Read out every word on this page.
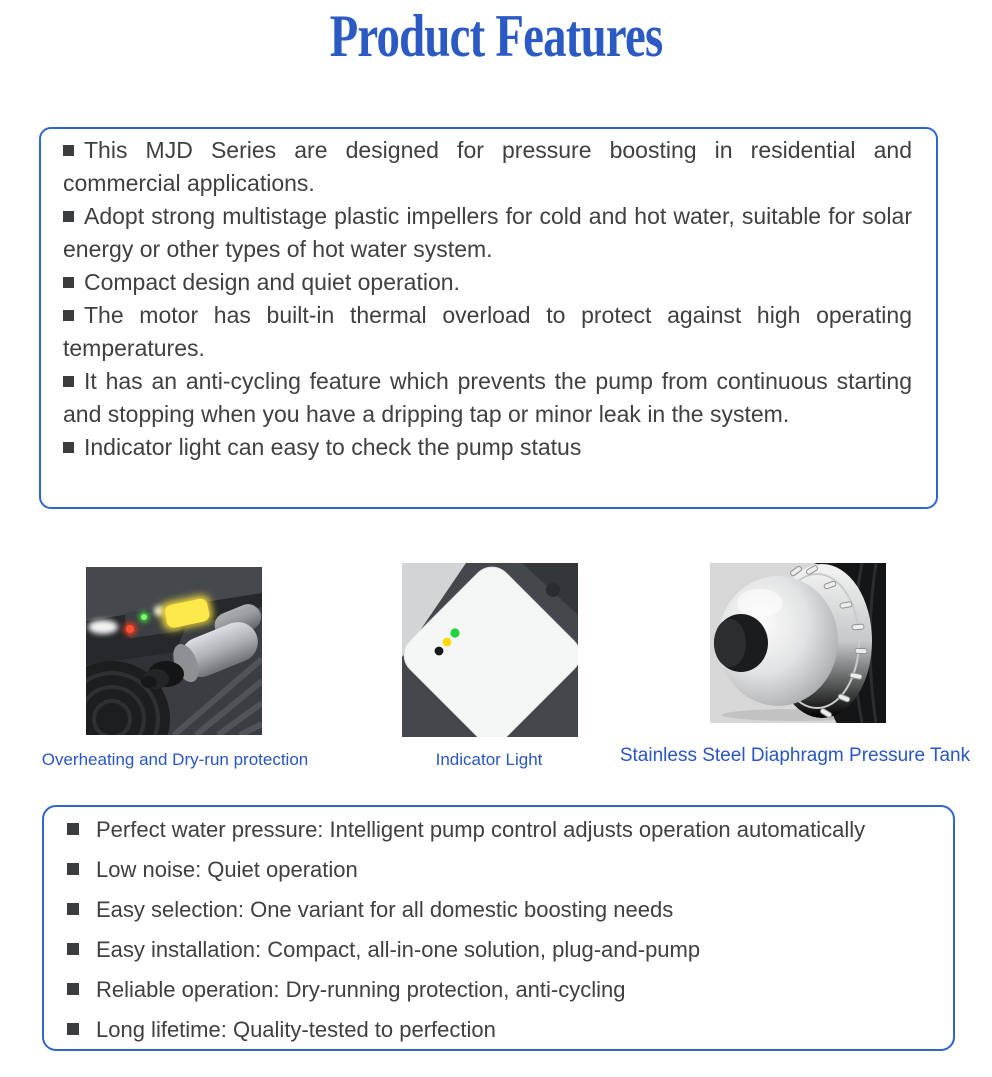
Product Features

This MJD Series are designed for pressure boosting in residential and commercial applications.

Adopt strong multistage plastic impellers for cold and hot water, suitable for solar energy or other types of hot water system.

Compact design and quiet operation.

The motor has built-in thermal overload to protect against high operating temperatures.

It has an anti-cycling feature which prevents the pump from continuous starting and stopping when you have a dripping tap or minor leak in the system.

Indicator light can easy to check the pump status

Overheating and Dry-run protection	Indicator Light	Stainless Steel Diaphragm Pressure Tank

Perfect water pressure: Intelligent pump control adjusts operation automatically

Low noise: Quiet operation

Easy selection: One variant for all domestic boosting needs

Easy installation: Compact, all-in-one solution, plug-and-pump

Reliable operation: Dry-running protection, anti-cycling

Long lifetime: Quality-tested to perfection
